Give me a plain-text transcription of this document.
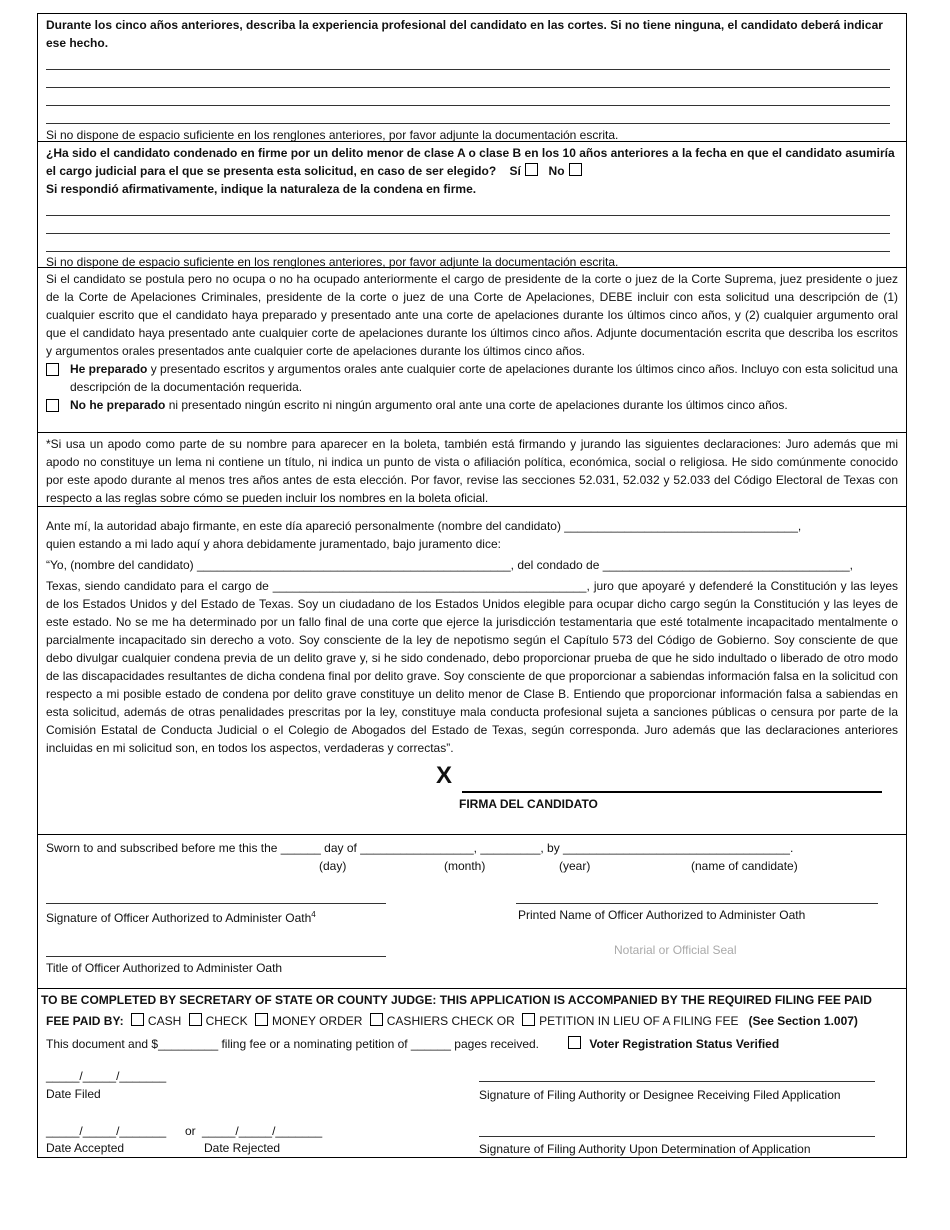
Durante los cinco años anteriores, describa la experiencia profesional del candidato en las cortes. Si no tiene ninguna, el candidato deberá indicar ese hecho.
Si no dispone de espacio suficiente en los renglones anteriores, por favor adjunte la documentación escrita.
¿Ha sido el candidato condenado en firme por un delito menor de clase A o clase B en los 10 años anteriores a la fecha en que el candidato asumiría el cargo judicial para el que se presenta esta solicitud, en caso de ser elegido? Sí No
Si respondió afirmativamente, indique la naturaleza de la condena en firme.
Si no dispone de espacio suficiente en los renglones anteriores, por favor adjunte la documentación escrita.
Si el candidato se postula pero no ocupa o no ha ocupado anteriormente el cargo de presidente de la corte o juez de la Corte Suprema, juez presidente o juez de la Corte de Apelaciones Criminales, presidente de la corte o juez de una Corte de Apelaciones, DEBE incluir con esta solicitud una descripción de (1) cualquier escrito que el candidato haya preparado y presentado ante una corte de apelaciones durante los últimos cinco años, y (2) cualquier argumento oral que el candidato haya presentado ante cualquier corte de apelaciones durante los últimos cinco años. Adjunte documentación escrita que describa los escritos y argumentos orales presentados ante cualquier corte de apelaciones durante los últimos cinco años.
He preparado y presentado escritos y argumentos orales ante cualquier corte de apelaciones durante los últimos cinco años. Incluyo con esta solicitud una descripción de la documentación requerida.
No he preparado ni presentado ningún escrito ni ningún argumento oral ante una corte de apelaciones durante los últimos cinco años.
*Si usa un apodo como parte de su nombre para aparecer en la boleta, también está firmando y jurando las siguientes declaraciones: Juro además que mi apodo no constituye un lema ni contiene un título, ni indica un punto de vista o afiliación política, económica, social o religiosa. He sido comúnmente conocido por este apodo durante al menos tres años antes de esta elección. Por favor, revise las secciones 52.031, 52.032 y 52.033 del Código Electoral de Texas con respecto a las reglas sobre cómo se pueden incluir los nombres en la boleta oficial.
Ante mí, la autoridad abajo firmante, en este día apareció personalmente (nombre del candidato) ___________________________________,
quien estando a mi lado aquí y ahora debidamente juramentado, bajo juramento dice:
“Yo, (nombre del candidato) _______________________________________________, del condado de _____________________________________,
Texas, siendo candidato para el cargo de _______________________________________________, juro que apoyaré y defenderé la Constitución y las leyes de los Estados Unidos y del Estado de Texas. Soy un ciudadano de los Estados Unidos elegible para ocupar dicho cargo según la Constitución y las leyes de este estado. No se me ha determinado por un fallo final de una corte que ejerce la jurisdicción testamentaria que esté totalmente incapacitado mentalmente o parcialmente incapacitado sin derecho a voto. Soy consciente de la ley de nepotismo según el Capítulo 573 del Código de Gobierno. Soy consciente de que debo divulgar cualquier condena previa de un delito grave y, si he sido condenado, debo proporcionar prueba de que he sido indultado o liberado de otro modo de las discapacidades resultantes de dicha condena final por delito grave. Soy consciente de que proporcionar a sabiendas información falsa en la solicitud con respecto a mi posible estado de condena por delito grave constituye un delito menor de Clase B. Entiendo que proporcionar información falsa a sabiendas en esta solicitud, además de otras penalidades prescritas por la ley, constituye mala conducta profesional sujeta a sanciones públicas o censura por parte de la Comisión Estatal de Conducta Judicial o el Colegio de Abogados del Estado de Texas, según corresponda. Juro además que las declaraciones anteriores incluidas en mi solicitud son, en todos los aspectos, verdaderas y correctas”.
X
FIRMA DEL CANDIDATO
Sworn to and subscribed before me this the ______ day of _________________, _________, by __________________________________.
(day)	(month)	(year)	(name of candidate)
Signature of Officer Authorized to Administer Oath$^4$	Printed Name of Officer Authorized to Administer Oath
Notarial or Official Seal
Title of Officer Authorized to Administer Oath
TO BE COMPLETED BY SECRETARY OF STATE OR COUNTY JUDGE: THIS APPLICATION IS ACCOMPANIED BY THE REQUIRED FILING FEE PAID
FEE PAID BY: CASH CHECK MONEY ORDER CASHIERS CHECK OR PETITION IN LIEU OF A FILING FEE (See Section 1.007)
This document and $_________ filing fee or a nominating petition of ______ pages received.	Voter Registration Status Verified
_____/_____/_______
Date Filed	Signature of Filing Authority or Designee Receiving Filed Application
_____/_____/_______ or _____/_____/_______
Date Accepted	Date Rejected	Signature of Filing Authority Upon Determination of Application
